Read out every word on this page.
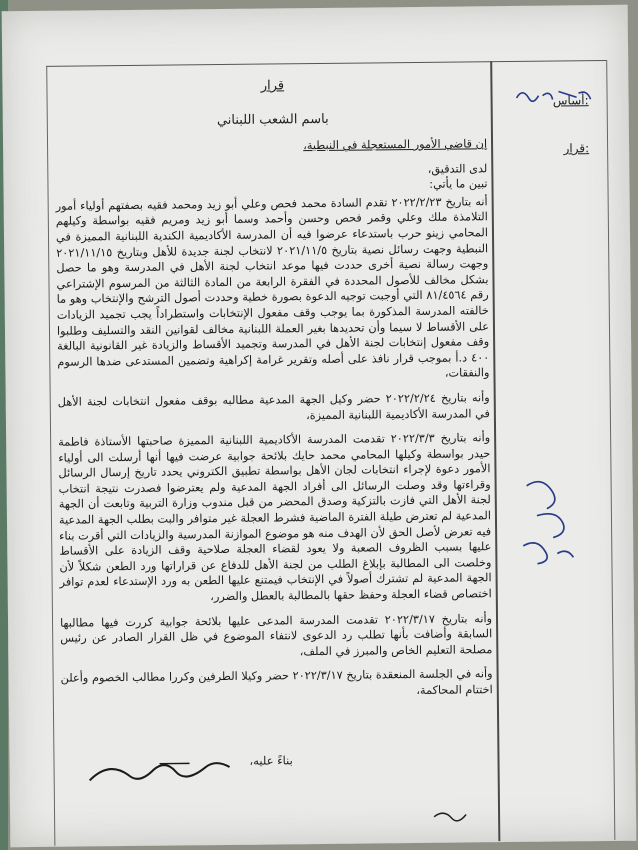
قرار
باسم الشعب اللبناني
أساس:
قرار:

إن قاضي الأمور المستعجلة في النبطية،

لدى التدقيق،

تبين ما يأتي:

أنه بتاريخ ٢٠٢٢/٢/٢٣ تقدم السادة محمد فحص وعلي أبو زيد ومحمد فقيه بصفتهم أولياء أمور التلامذة ملك وعلي وقمر فحص وحسن وأحمد وسما أبو زيد ومريم فقيه بواسطة وكيلهم المحامي زينو حرب باستدعاء عرضوا فيه أن المدرسة الأكاديمية الكندية اللبنانية المميزة في النبطية وجهت رسائل نصية بتاريخ ٢٠٢١/١١/٥ لانتخاب لجنة جديدة للأهل وبتاريخ ٢٠٢١/١١/١٥ وجهت رسالة نصية أخرى حددت فيها موعد انتخاب لجنة الأهل في المدرسة وهو ما حصل بشكل مخالف للأصول المحددة في الفقرة الرابعة من المادة الثالثة من المرسوم الإشتراعي رقم ٨١/٤٥٦٤ التي أوجبت توجيه الدعوة بصورة خطية وحددت أصول الترشح والإنتخاب وهو ما خالفته المدرسة المذكورة بما يوجب وقف مفعول الإنتخابات واستطراداً يجب تجميد الزيادات على الأقساط لا سيما وأن تحديدها بغير العملة اللبنانية مخالف لقوانين النقد والتسليف وطلبوا وقف مفعول إنتخابات لجنة الأهل في المدرسة وتجميد الأقساط والزيادة غير القانونية البالغة ٤٠٠ د.أ بموجب قرار نافذ على أصله وتقرير غرامة إكراهية وتضمين المستدعى ضدها الرسوم والنفقات،

وأنه بتاريخ ٢٠٢٢/٢/٢٤ حضر وكيل الجهة المدعية مطالبه بوقف مفعول انتخابات لجنة الأهل في المدرسة الأكاديمية اللبنانية المميزة،

وأنه بتاريخ ٢٠٢٢/٣/٣ تقدمت المدرسة الأكاديمية اللبنانية المميزة صاحبتها الأستاذة فاطمة حيدر بواسطة وكيلها المحامي محمد حايك بلائحة جوابية عرضت فيها أنها أرسلت الى أولياء الأمور دعوة لإجراء انتخابات لجان الأهل بواسطة تطبيق الكتروني يحدد تاريخ إرسال الرسائل وقراءتها وقد وصلت الرسائل الى أفراد الجهة المدعية ولم يعترضوا فصدرت نتيجة انتخاب لجنة الأهل التي فازت بالتزكية وصدق المحضر من قبل مندوب وزارة التربية وتابعت أن الجهة المدعية لم تعترض طيلة الفترة الماضية فشرط العجلة غير متوافر والبت بطلب الجهة المدعية فيه تعرض لأصل الحق لأن الهدف منه هو موضوع الموازنة المدرسية والزيادات التي أقرت بناء عليها بسبب الظروف الصعبة ولا يعود لقضاء العجلة صلاحية وقف الزيادة على الأقساط وخلصت الى المطالبة بإبلاغ الطلب من لجنة الأهل للدفاع عن قراراتها ورد الطعن شكلاً لأن الجهة المدعية لم تشترك أصولاً في الإنتخاب فيمتنع عليها الطعن به ورد الإستدعاء لعدم توافر اختصاص قضاء العجلة وحفظ حقها بالمطالبة بالعطل والضرر،

وأنه بتاريخ ٢٠٢٢/٣/١٧ تقدمت المدرسة المدعى عليها بلائحة جوابية كررت فيها مطالبها السابقة وأضافت بأنها تطلب رد الدعوى لانتفاء الموضوع في ظل القرار الصادر عن رئيس مصلحة التعليم الخاص والمبرز في الملف،

وأنه في الجلسة المنعقدة بتاريخ ٢٠٢٢/٣/١٧ حضر وكيلا الطرفين وكررا مطالب الخصوم وأعلن اختتام المحاكمة،

بناءً عليه،
